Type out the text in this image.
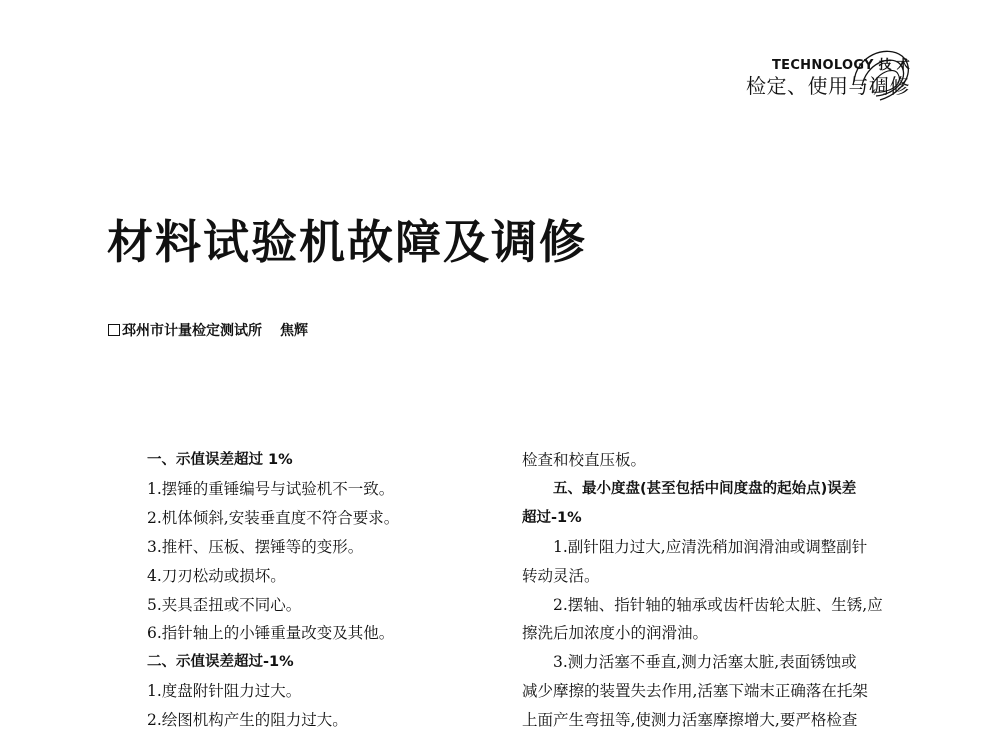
TECHNOLOGY 技 术
检定、使用与调修
材料试验机故障及调修
邳州市计量检定测试所 焦辉
一、示值误差超过 1%
1.摆锤的重锤编号与试验机不一致。
2.机体倾斜,安装垂直度不符合要求。
3.推杆、压板、摆锤等的变形。
4.刀刃松动或损坏。
5.夹具歪扭或不同心。
6.指针轴上的小锤重量改变及其他。
二、示值误差超过-1%
1.度盘附针阻力过大。
2.绘图机构产生的阻力过大。
检查和校直压板。
五、最小度盘(甚至包括中间度盘的起始点)误差
超过-1%
1.副针阻力过大,应清洗稍加润滑油或调整副针
转动灵活。
2.摆轴、指针轴的轴承或齿杆齿轮太脏、生锈,应
擦洗后加浓度小的润滑油。
3.测力活塞不垂直,测力活塞太脏,表面锈蚀或
减少摩擦的装置失去作用,活塞下端末正确落在托架
上面产生弯扭等,使测力活塞摩擦增大,要严格检查
